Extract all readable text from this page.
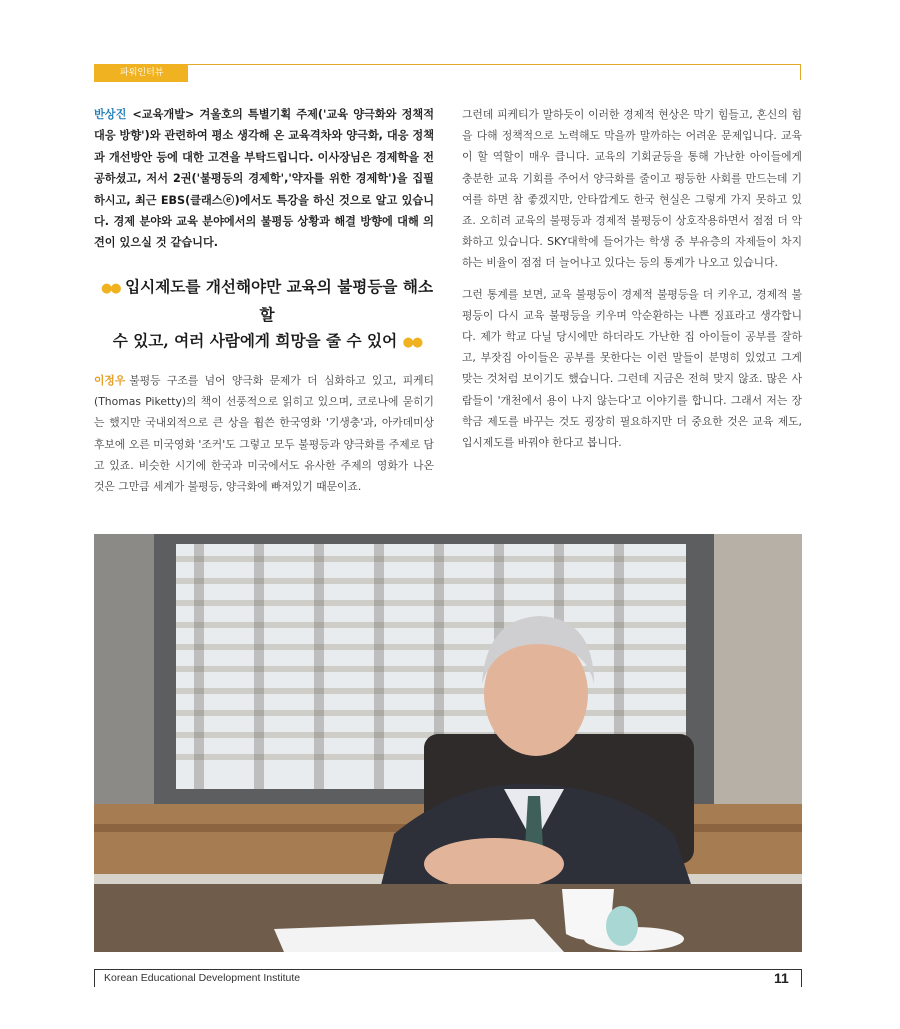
파워인터뷰

반상진 <교육개발> 겨울호의 특별기획 주제('교육 양극화와 정책적 대응 방향')와 관련하여 평소 생각해 온 교육격차와 양극화, 대응 정책과 개선방안 등에 대한 고견을 부탁드립니다. 이사장님은 경제학을 전공하셨고, 저서 2권('불평등의 경제학','약자를 위한 경제학')을 집필하시고, 최근 EBS(클래스ⓔ)에서도 특강을 하신 것으로 알고 있습니다. 경제 분야와 교육 분야에서의 불평등 상황과 해결 방향에 대해 의견이 있으실 것 같습니다.

●● 입시제도를 개선해야만 교육의 불평등을 해소할
수 있고, 여러 사람에게 희망을 줄 수 있어 ●●

이정우 불평등 구조를 넘어 양극화 문제가 더 심화하고 있고, 피케티(Thomas Piketty)의 책이 선풍적으로 읽히고 있으며, 코로나에 묻히기는 했지만 국내외적으로 큰 상을 휩쓴 한국영화 '기생충'과, 아카데미상 후보에 오른 미국영화 '조커'도 그렇고 모두 불평등과 양극화를 주제로 담고 있죠. 비슷한 시기에 한국과 미국에서도 유사한 주제의 영화가 나온 것은 그만큼 세계가 불평등, 양극화에 빠져있기 때문이죠.

그런데 피케티가 말하듯이 이러한 경제적 현상은 막기 힘들고, 혼신의 힘을 다해 정책적으로 노력해도 막을까 말까하는 어려운 문제입니다. 교육이 할 역할이 매우 큽니다. 교육의 기회균등을 통해 가난한 아이들에게 충분한 교육 기회를 주어서 양극화를 줄이고 평등한 사회를 만드는데 기여를 하면 참 좋겠지만, 안타깝게도 한국 현실은 그렇게 가지 못하고 있죠. 오히려 교육의 불평등과 경제적 불평등이 상호작용하면서 점점 더 악화하고 있습니다. SKY대학에 들어가는 학생 중 부유층의 자제들이 차지하는 비율이 점점 더 늘어나고 있다는 등의 통계가 나오고 있습니다.

그런 통계를 보면, 교육 불평등이 경제적 불평등을 더 키우고, 경제적 불평등이 다시 교육 불평등을 키우며 악순환하는 나쁜 징표라고 생각합니다. 제가 학교 다닐 당시에만 하더라도 가난한 집 아이들이 공부를 잘하고, 부잣집 아이들은 공부를 못한다는 이런 말들이 분명히 있었고 그게 맞는 것처럼 보이기도 했습니다. 그런데 지금은 전혀 맞지 않죠. 많은 사람들이 '개천에서 용이 나지 않는다'고 이야기를 합니다. 그래서 저는 장학금 제도를 바꾸는 것도 굉장히 필요하지만 더 중요한 것은 교육 제도, 입시제도를 바꿔야 한다고 봅니다.

Korean Educational Development Institute	11
